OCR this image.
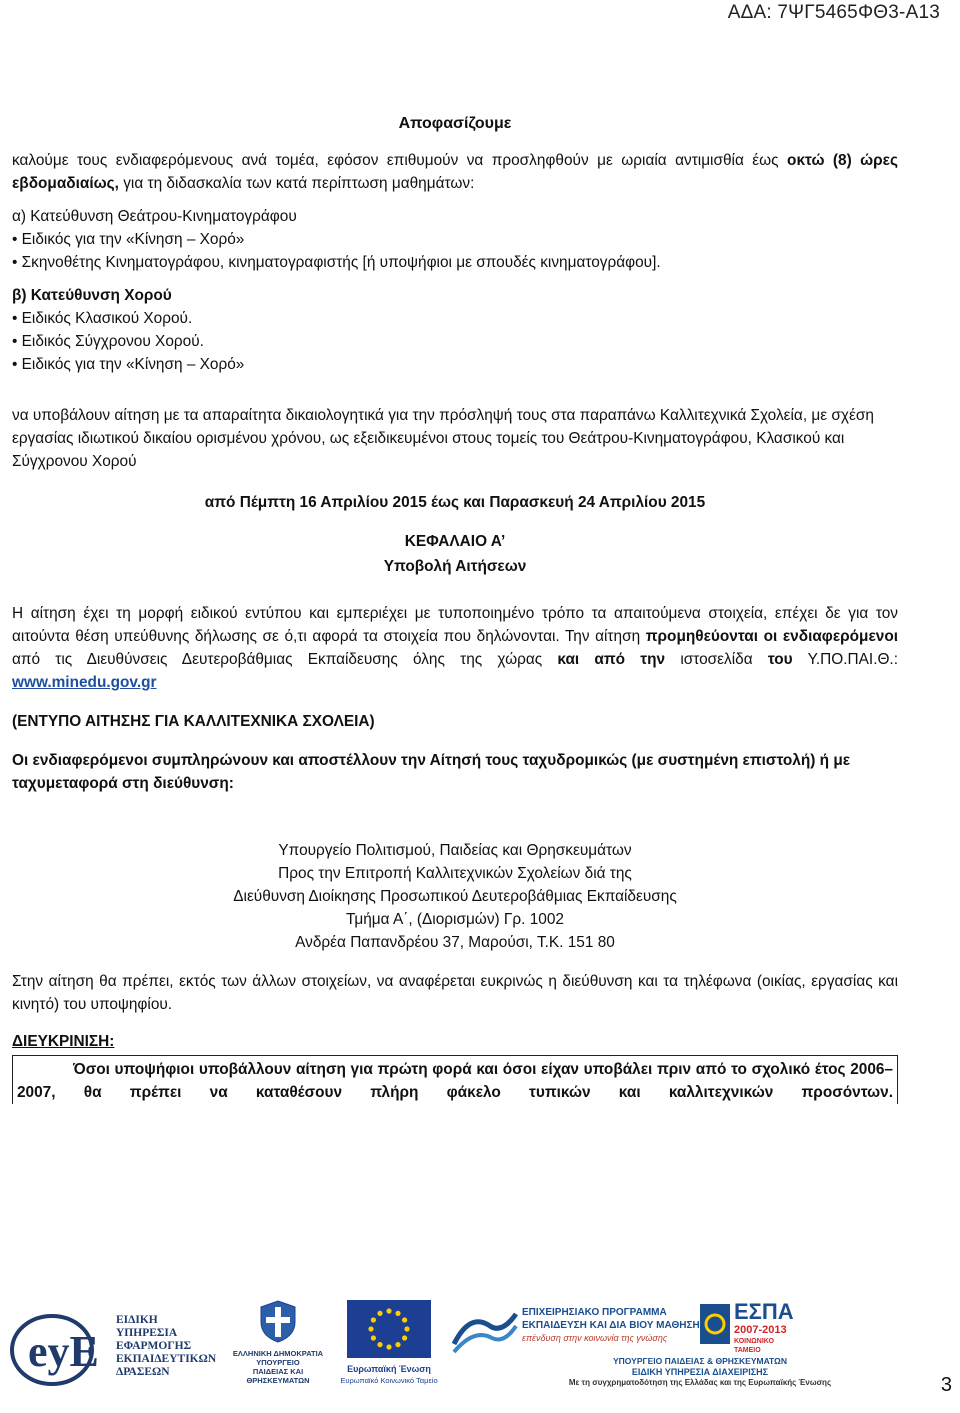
ΑΔΑ: 7ΨΓ5465ΦΘ3-Α13
Αποφασίζουμε
καλούμε τους ενδιαφερόμενους ανά τομέα, εφόσον επιθυμούν να προσληφθούν με ωριαία αντιμισθία έως οκτώ (8) ώρες εβδομαδιαίως, για τη διδασκαλία των κατά περίπτωση μαθημάτων:
α) Κατεύθυνση Θεάτρου-Κινηματογράφου
• Ειδικός για την «Κίνηση – Χορό»
• Σκηνοθέτης Κινηματογράφου, κινηματογραφιστής [ή υποψήφιοι με σπουδές κινηματογράφου].
β) Κατεύθυνση Χορού
• Ειδικός Κλασικού Χορού.
• Ειδικός Σύγχρονου Χορού.
• Ειδικός για την «Κίνηση – Χορό»
να υποβάλουν αίτηση με τα απαραίτητα δικαιολογητικά για την πρόσληψή τους στα παραπάνω Καλλιτεχνικά Σχολεία, με σχέση εργασίας ιδιωτικού δικαίου ορισμένου χρόνου, ως εξειδικευμένοι στους τομείς του Θεάτρου-Κινηματογράφου, Κλασικού και Σύγχρονου Χορού
από Πέμπτη 16 Απριλίου 2015 έως και Παρασκευή 24 Απριλίου 2015
ΚΕΦΑΛΑΙΟ Α’
Υποβολή Αιτήσεων
Η αίτηση έχει τη μορφή ειδικού εντύπου και εμπεριέχει με τυποποιημένο τρόπο τα απαιτούμενα στοιχεία, επέχει δε για τον αιτούντα θέση υπεύθυνης δήλωσης σε ό,τι αφορά τα στοιχεία που δηλώνονται. Την αίτηση προμηθεύονται οι ενδιαφερόμενοι από τις Διευθύνσεις Δευτεροβάθμιας Εκπαίδευσης όλης της χώρας και από την ιστοσελίδα του Υ.ΠΟ.ΠΑΙ.Θ.: www.minedu.gov.gr
(ΕΝΤΥΠΟ ΑΙΤΗΣΗΣ ΓΙΑ ΚΑΛΛΙΤΕΧΝΙΚΑ ΣΧΟΛΕΙΑ)
Οι ενδιαφερόμενοι συμπληρώνουν και αποστέλλουν την Αίτησή τους ταχυδρομικώς (με συστημένη επιστολή) ή με ταχυμεταφορά στη διεύθυνση:
Υπουργείο Πολιτισμού, Παιδείας και Θρησκευμάτων
Προς την Επιτροπή Καλλιτεχνικών Σχολείων διά της
Διεύθυνση Διοίκησης Προσωπικού Δευτεροβάθμιας Εκπαίδευσης
Τμήμα Α΄, (Διορισμών) Γρ. 1002
Ανδρέα Παπανδρέου 37, Μαρούσι, Τ.Κ. 151 80
Στην αίτηση θα πρέπει, εκτός των άλλων στοιχείων, να αναφέρεται ευκρινώς η διεύθυνση και τα τηλέφωνα (οικίας, εργασίας και κινητό) του υποψηφίου.
ΔΙΕΥΚΡΙΝΙΣΗ:
Όσοι υποψήφιοι υποβάλλουν αίτηση για πρώτη φορά και όσοι είχαν υποβάλει πριν από το σχολικό έτος 2006–2007, θα πρέπει να καταθέσουν πλήρη φάκελο τυπικών και καλλιτεχνικών προσόντων.
eyE
ΕΙΔΙΚΗ
ΥΠΗΡΕΣΙΑ
ΕΦΑΡΜΟΓΗΣ
ΕΚΠΑΙΔΕΥΤΙΚΩΝ
ΔΡΑΣΕΩΝ
ΕΛΛΗΝΙΚΗ ΔΗΜΟΚΡΑΤΙΑ
ΥΠΟΥΡΓΕΙΟ
ΠΑΙΔΕΙΑΣ ΚΑΙ
ΘΡΗΣΚΕΥΜΑΤΩΝ
Ευρωπαϊκή Ένωση
Ευρωπαϊκό Κοινωνικό Ταμείο
ΕΠΙΧΕΙΡΗΣΙΑΚΟ ΠΡΟΓΡΑΜΜΑ
ΕΚΠΑΙΔΕΥΣΗ ΚΑΙ ΔΙΑ ΒΙΟΥ ΜΑΘΗΣΗ
επένδυση στην κοινωνία της γνώσης
ΕΣΠΑ
2007-2013
ΚΟΙΝΩΝΙΚΟ ΤΑΜΕΙΟ
ΥΠΟΥΡΓΕΙΟ ΠΑΙΔΕΙΑΣ & ΘΡΗΣΚΕΥΜΑΤΩΝ
ΕΙΔΙΚΗ ΥΠΗΡΕΣΙΑ ΔΙΑΧΕΙΡΙΣΗΣ
Με τη συγχρηματοδότηση της Ελλάδας και της Ευρωπαϊκής Ένωσης	3
